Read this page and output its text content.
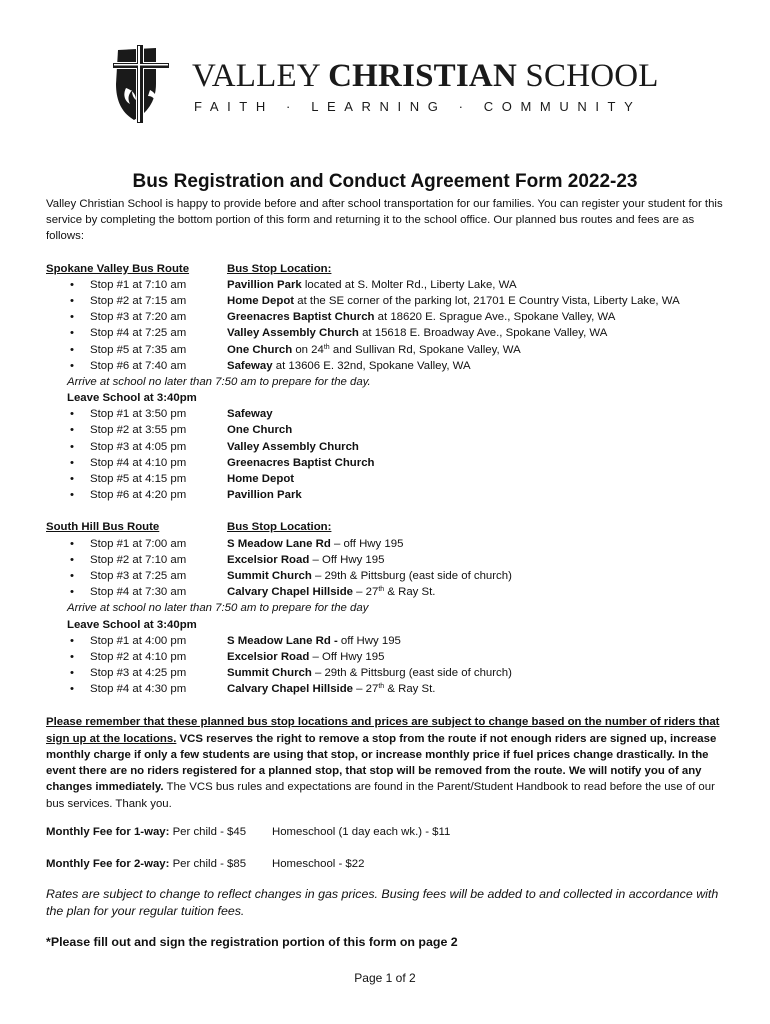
VALLEY CHRISTIAN SCHOOL
FAITH · LEARNING · COMMUNITY
Bus Registration and Conduct Agreement Form 2022-23

Valley Christian School is happy to provide before and after school transportation for our families. You can register your student for this service by completing the bottom portion of this form and returning it to the school office. Our planned bus routes and fees are as follows:

Spokane Valley Bus Route	Bus Stop Location:
Stop #1 at 7:10 am	Pavillion Park located at S. Molter Rd., Liberty Lake, WA
Stop #2 at 7:15 am	Home Depot at the SE corner of the parking lot, 21701 E Country Vista, Liberty Lake, WA
Stop #3 at 7:20 am	Greenacres Baptist Church at 18620 E. Sprague Ave., Spokane Valley, WA
Stop #4 at 7:25 am	Valley Assembly Church at 15618 E. Broadway Ave., Spokane Valley, WA
Stop #5 at 7:35 am	One Church on 24th and Sullivan Rd, Spokane Valley, WA
Stop #6 at 7:40 am	Safeway at 13606 E. 32nd, Spokane Valley, WA
Arrive at school no later than 7:50 am to prepare for the day.
Leave School at 3:40pm
Stop #1 at 3:50 pm	Safeway
Stop #2 at 3:55 pm	One Church
Stop #3 at 4:05 pm	Valley Assembly Church
Stop #4 at 4:10 pm	Greenacres Baptist Church
Stop #5 at 4:15 pm	Home Depot
Stop #6 at 4:20 pm	Pavillion Park
South Hill Bus Route	Bus Stop Location:
Stop #1 at 7:00 am	S Meadow Lane Rd – off Hwy 195
Stop #2 at 7:10 am	Excelsior Road – Off Hwy 195
Stop #3 at 7:25 am	Summit Church – 29th & Pittsburg (east side of church)
Stop #4 at 7:30 am	Calvary Chapel Hillside – 27th & Ray St.
Arrive at school no later than 7:50 am to prepare for the day
Leave School at 3:40pm
Stop #1 at 4:00 pm	S Meadow Lane Rd - off Hwy 195
Stop #2 at 4:10 pm	Excelsior Road – Off Hwy 195
Stop #3 at 4:25 pm	Summit Church – 29th & Pittsburg (east side of church)
Stop #4 at 4:30 pm	Calvary Chapel Hillside – 27th & Ray St.

Please remember that these planned bus stop locations and prices are subject to change based on the number of riders that sign up at the locations. VCS reserves the right to remove a stop from the route if not enough riders are signed up, increase monthly charge if only a few students are using that stop, or increase monthly price if fuel prices change drastically. In the event there are no riders registered for a planned stop, that stop will be removed from the route. We will notify you of any changes immediately. The VCS bus rules and expectations are found in the Parent/Student Handbook to read before the use of our bus services. Thank you.

Monthly Fee for 1-way: Per child - $45 Homeschool (1 day each wk.) - $11
Monthly Fee for 2-way: Per child - $85 Homeschool - $22

Rates are subject to change to reflect changes in gas prices. Busing fees will be added to and collected in accordance with the plan for your regular tuition fees.

*Please fill out and sign the registration portion of this form on page 2

Page 1 of 2
